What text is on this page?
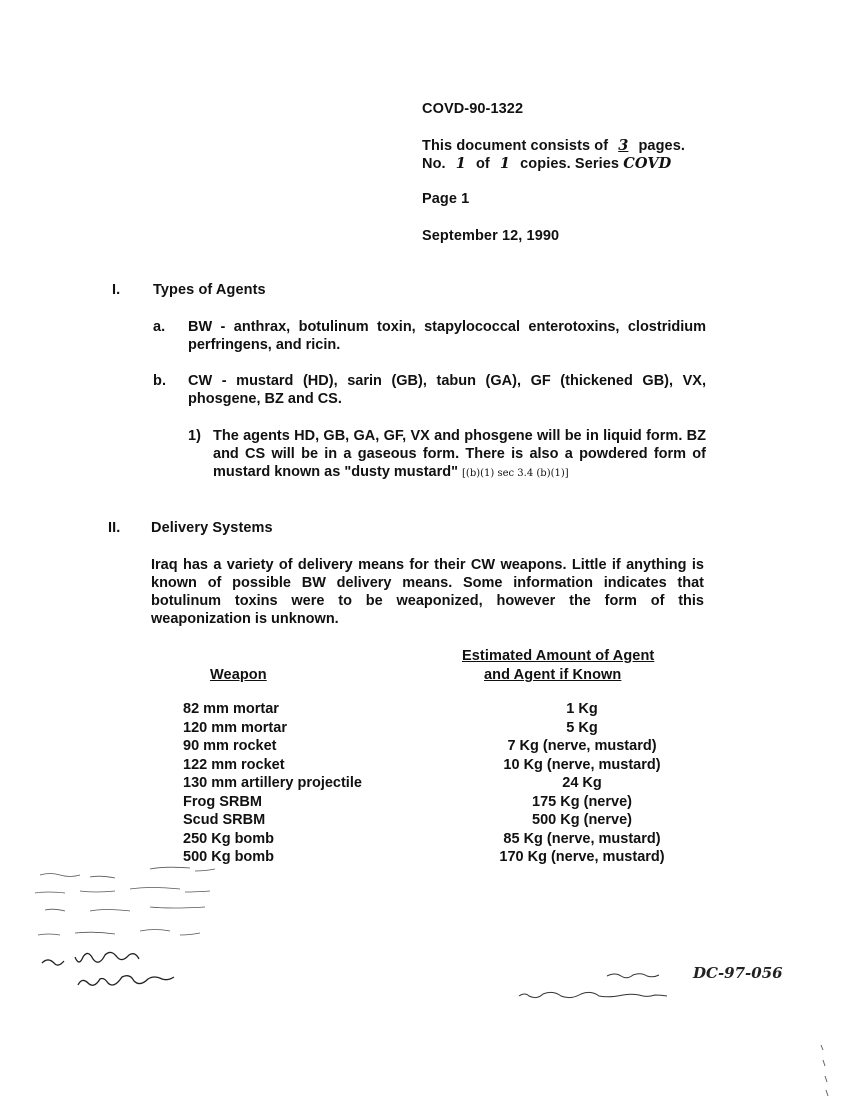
COVD-90-1322
This document consists of 3 pages.
No. 1 of 1 copies. Series COVD
Page 1
September 12, 1990
I. Types of Agents
a. BW - anthrax, botulinum toxin, stapylococcal enterotoxins, clostridium perfringens, and ricin.
b. CW - mustard (HD), sarin (GB), tabun (GA), GF (thickened GB), VX, phosgene, BZ and CS.
1) The agents HD, GB, GA, GF, VX and phosgene will be in liquid form. BZ and CS will be in a gaseous form. There is also a powdered form of mustard known as "dusty mustard" [(b)(1) sec 3.4 (b)(1)]
II. Delivery Systems
Iraq has a variety of delivery means for their CW weapons. Little if anything is known of possible BW delivery means. Some information indicates that botulinum toxins were to be weaponized, however the form of this weaponization is unknown.
Estimated Amount of Agent
Weapon	and Agent if Known
82 mm mortar	1 Kg
120 mm mortar	5 Kg
90 mm rocket	7 Kg (nerve, mustard)
122 mm rocket	10 Kg (nerve, mustard)
130 mm artillery projectile	24 Kg
Frog SRBM	175 Kg (nerve)
Scud SRBM	500 Kg (nerve)
250 Kg bomb	85 Kg (nerve, mustard)
500 Kg bomb	170 Kg (nerve, mustard)
DC-97-056
